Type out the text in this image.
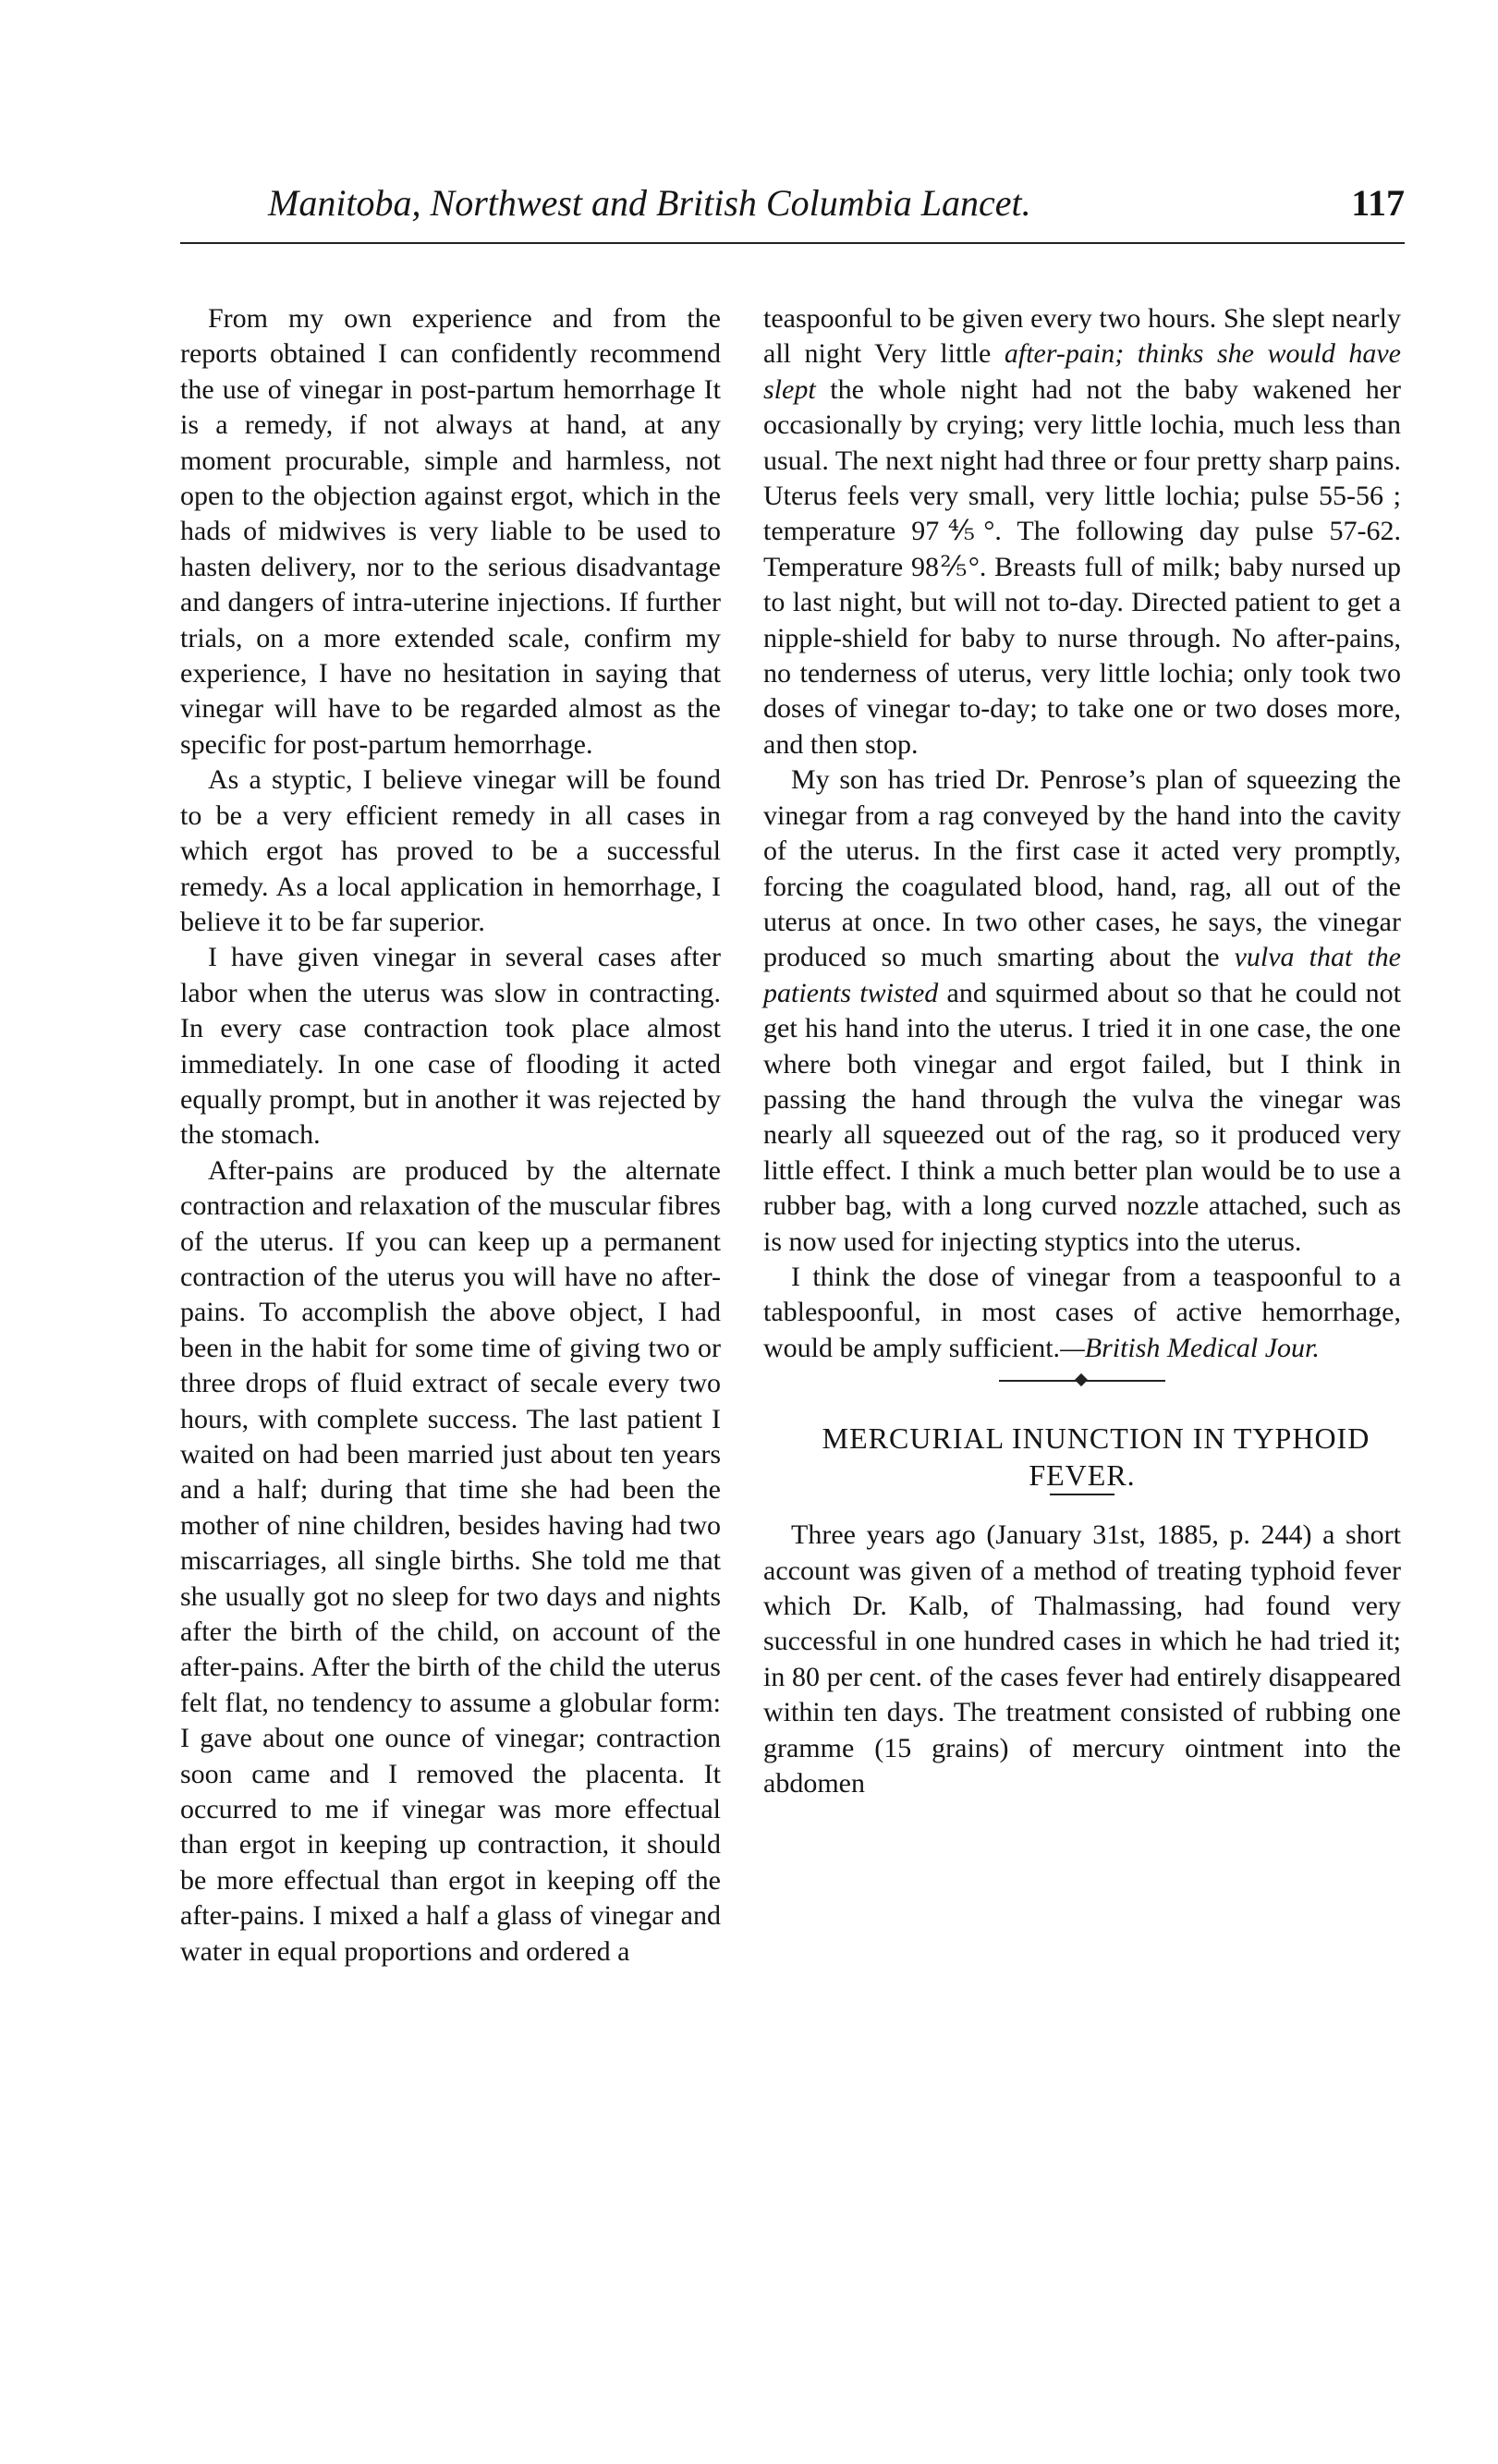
Manitoba, Northwest and British Columbia Lancet.	117

From my own experience and from the reports obtained I can confidently recommend the use of vinegar in post-partum hemorrhage It is a remedy, if not always at hand, at any moment procurable, simple and harmless, not open to the objection against ergot, which in the hads of midwives is very liable to be used to hasten delivery, nor to the serious disadvantage and dangers of intra-uterine injections. If further trials, on a more extended scale, confirm my experience, I have no hesitation in saying that vinegar will have to be regarded almost as the specific for post-partum hemorrhage.

As a styptic, I believe vinegar will be found to be a very efficient remedy in all cases in which ergot has proved to be a successful remedy. As a local application in hemorrhage, I believe it to be far superior.

I have given vinegar in several cases after labor when the uterus was slow in contracting. In every case contraction took place almost immediately. In one case of flooding it acted equally prompt, but in another it was rejected by the stomach.

After-pains are produced by the alternate contraction and relaxation of the muscular fibres of the uterus. If you can keep up a permanent contraction of the uterus you will have no after-pains. To accomplish the above object, I had been in the habit for some time of giving two or three drops of fluid extract of secale every two hours, with complete success. The last patient I waited on had been married just about ten years and a half; during that time she had been the mother of nine children, besides having had two miscarriages, all single births. She told me that she usually got no sleep for two days and nights after the birth of the child, on account of the after-pains. After the birth of the child the uterus felt flat, no tendency to assume a globular form: I gave about one ounce of vinegar; contraction soon came and I removed the placenta. It occurred to me if vinegar was more effectual than ergot in keeping up contraction, it should be more effectual than ergot in keeping off the after-pains. I mixed a half a glass of vinegar and water in equal proportions and ordered a

teaspoonful to be given every two hours. She slept nearly all night Very little after-pain; thinks she would have slept the whole night had not the baby wakened her occasionally by crying; very little lochia, much less than usual. The next night had three or four pretty sharp pains. Uterus feels very small, very little lochia; pulse 55-56 ; temperature 97⅘°. The following day pulse 57-62. Temperature 98⅖°. Breasts full of milk; baby nursed up to last night, but will not to-day. Directed patient to get a nipple-shield for baby to nurse through. No after-pains, no tenderness of uterus, very little lochia; only took two doses of vinegar to-day; to take one or two doses more, and then stop.

My son has tried Dr. Penrose’s plan of squeezing the vinegar from a rag conveyed by the hand into the cavity of the uterus. In the first case it acted very promptly, forcing the coagulated blood, hand, rag, all out of the uterus at once. In two other cases, he says, the vinegar produced so much smarting about the vulva that the patients twisted and squirmed about so that he could not get his hand into the uterus. I tried it in one case, the one where both vinegar and ergot failed, but I think in passing the hand through the vulva the vinegar was nearly all squeezed out of the rag, so it produced very little effect. I think a much better plan would be to use a rubber bag, with a long curved nozzle attached, such as is now used for injecting styptics into the uterus.

I think the dose of vinegar from a teaspoonful to a tablespoonful, in most cases of active hemorrhage, would be amply sufficient.—British Medical Jour.

MERCURIAL INUNCTION IN TYPHOID FEVER.

Three years ago (January 31st, 1885, p. 244) a short account was given of a method of treating typhoid fever which Dr. Kalb, of Thalmassing, had found very successful in one hundred cases in which he had tried it; in 80 per cent. of the cases fever had entirely disappeared within ten days. The treatment consisted of rubbing one gramme (15 grains) of mercury ointment into the abdomen
